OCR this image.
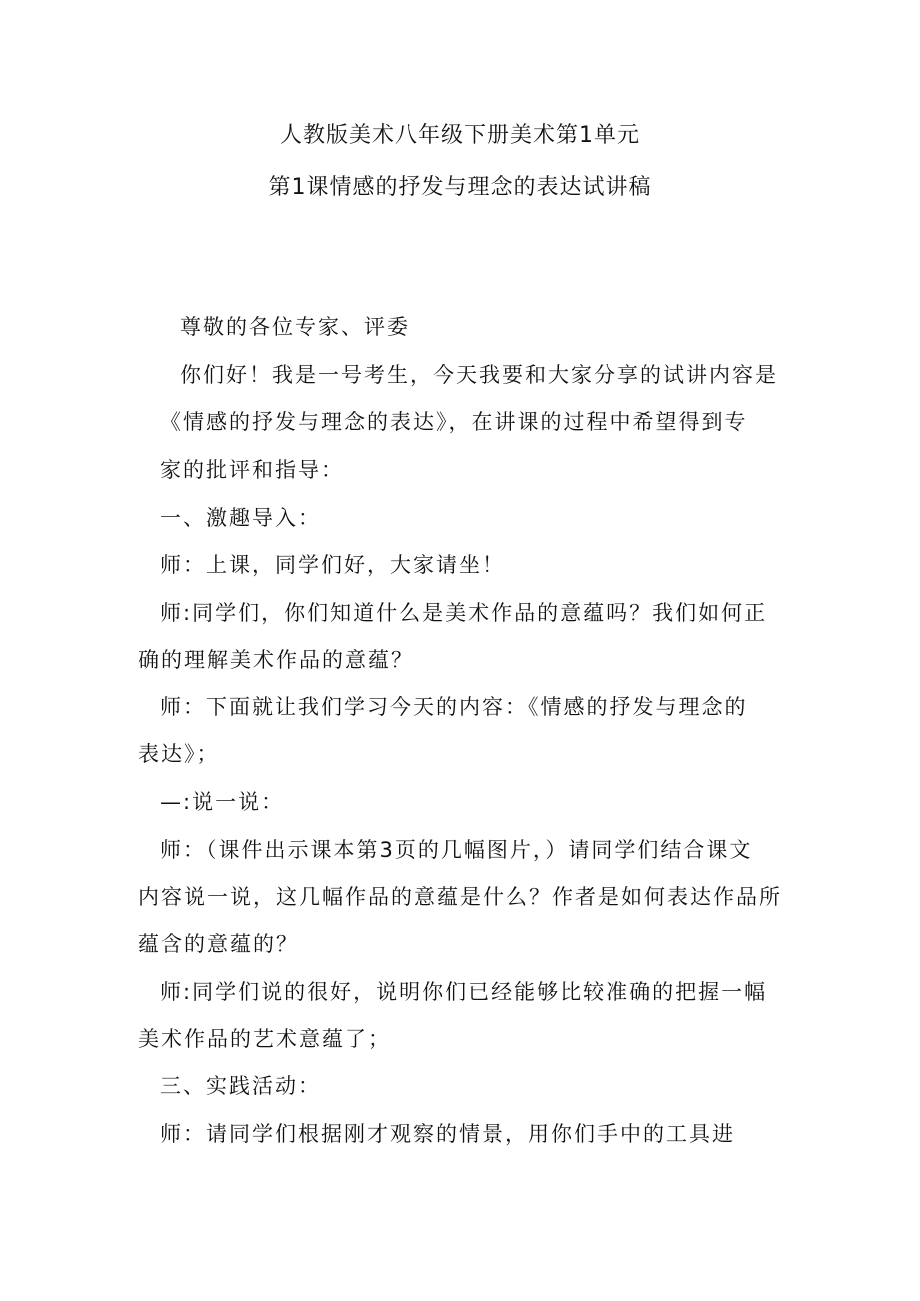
人教版美术八年级下册美术第1单元
第1课情感的抒发与理念的表达试讲稿
尊敬的各位专家、评委
你们好！我是一号考生，今天我要和大家分享的试讲内容是
《情感的抒发与理念的表达》，在讲课的过程中希望得到专
家的批评和指导：
一、激趣导入：
师：上课，同学们好，大家请坐！
师:同学们，你们知道什么是美术作品的意蕴吗？我们如何正
确的理解美术作品的意蕴？
师：下面就让我们学习今天的内容：《情感的抒发与理念的
表达》；
—:说一说：
师：（课件出示课本第3页的几幅图片，）请同学们结合课文
内容说一说，这几幅作品的意蕴是什么？作者是如何表达作品所
蕴含的意蕴的？
师:同学们说的很好，说明你们已经能够比较准确的把握一幅
美术作品的艺术意蕴了；
三、实践活动：
师：请同学们根据刚才观察的情景，用你们手中的工具进
